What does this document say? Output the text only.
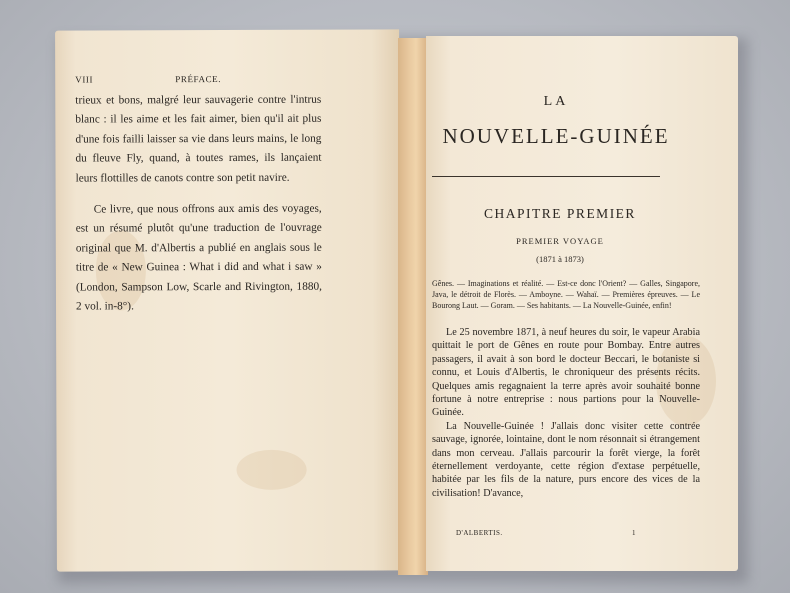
VIII	PRÉFACE.

trieux et bons, malgré leur sauvagerie contre l'intrus blanc : il les aime et les fait aimer, bien qu'il ait plus d'une fois failli laisser sa vie dans leurs mains, le long du fleuve Fly, quand, à toutes rames, ils lançaient leurs flottilles de canots contre son petit navire.

Ce livre, que nous offrons aux amis des voyages, est un résumé plutôt qu'une traduction de l'ouvrage original que M. d'Albertis a publié en anglais sous le titre de « New Guinea : What i did and what i saw » (London, Sampson Low, Scarle and Rivington, 1880, 2 vol. in-8°).

LA
NOUVELLE-GUINÉE
CHAPITRE PREMIER
PREMIER VOYAGE
(1871 à 1873)
Gênes. — Imaginations et réalité. — Est-ce donc l'Orient? — Galles, Singapore, Java, le détroit de Florès. — Amboyne. — Wahaï. — Premières épreuves. — Le Bourong Laut. — Goram. — Ses habitants. — La Nouvelle-Guinée, enfin!

Le 25 novembre 1871, à neuf heures du soir, le vapeur Arabia quittait le port de Gênes en route pour Bombay. Entre autres passagers, il avait à son bord le docteur Beccari, le botaniste si connu, et Louis d'Albertis, le chroniqueur des présents récits. Quelques amis regagnaient la terre après avoir souhaité bonne fortune à notre entreprise : nous partions pour la Nouvelle-Guinée.

La Nouvelle-Guinée ! J'allais donc visiter cette contrée sauvage, ignorée, lointaine, dont le nom résonnait si étrangement dans mon cerveau. J'allais parcourir la forêt vierge, la forêt éternellement verdoyante, cette région d'extase perpétuelle, habitée par les fils de la nature, purs encore des vices de la civilisation! D'avance,

D'ALBERTIS.	1
